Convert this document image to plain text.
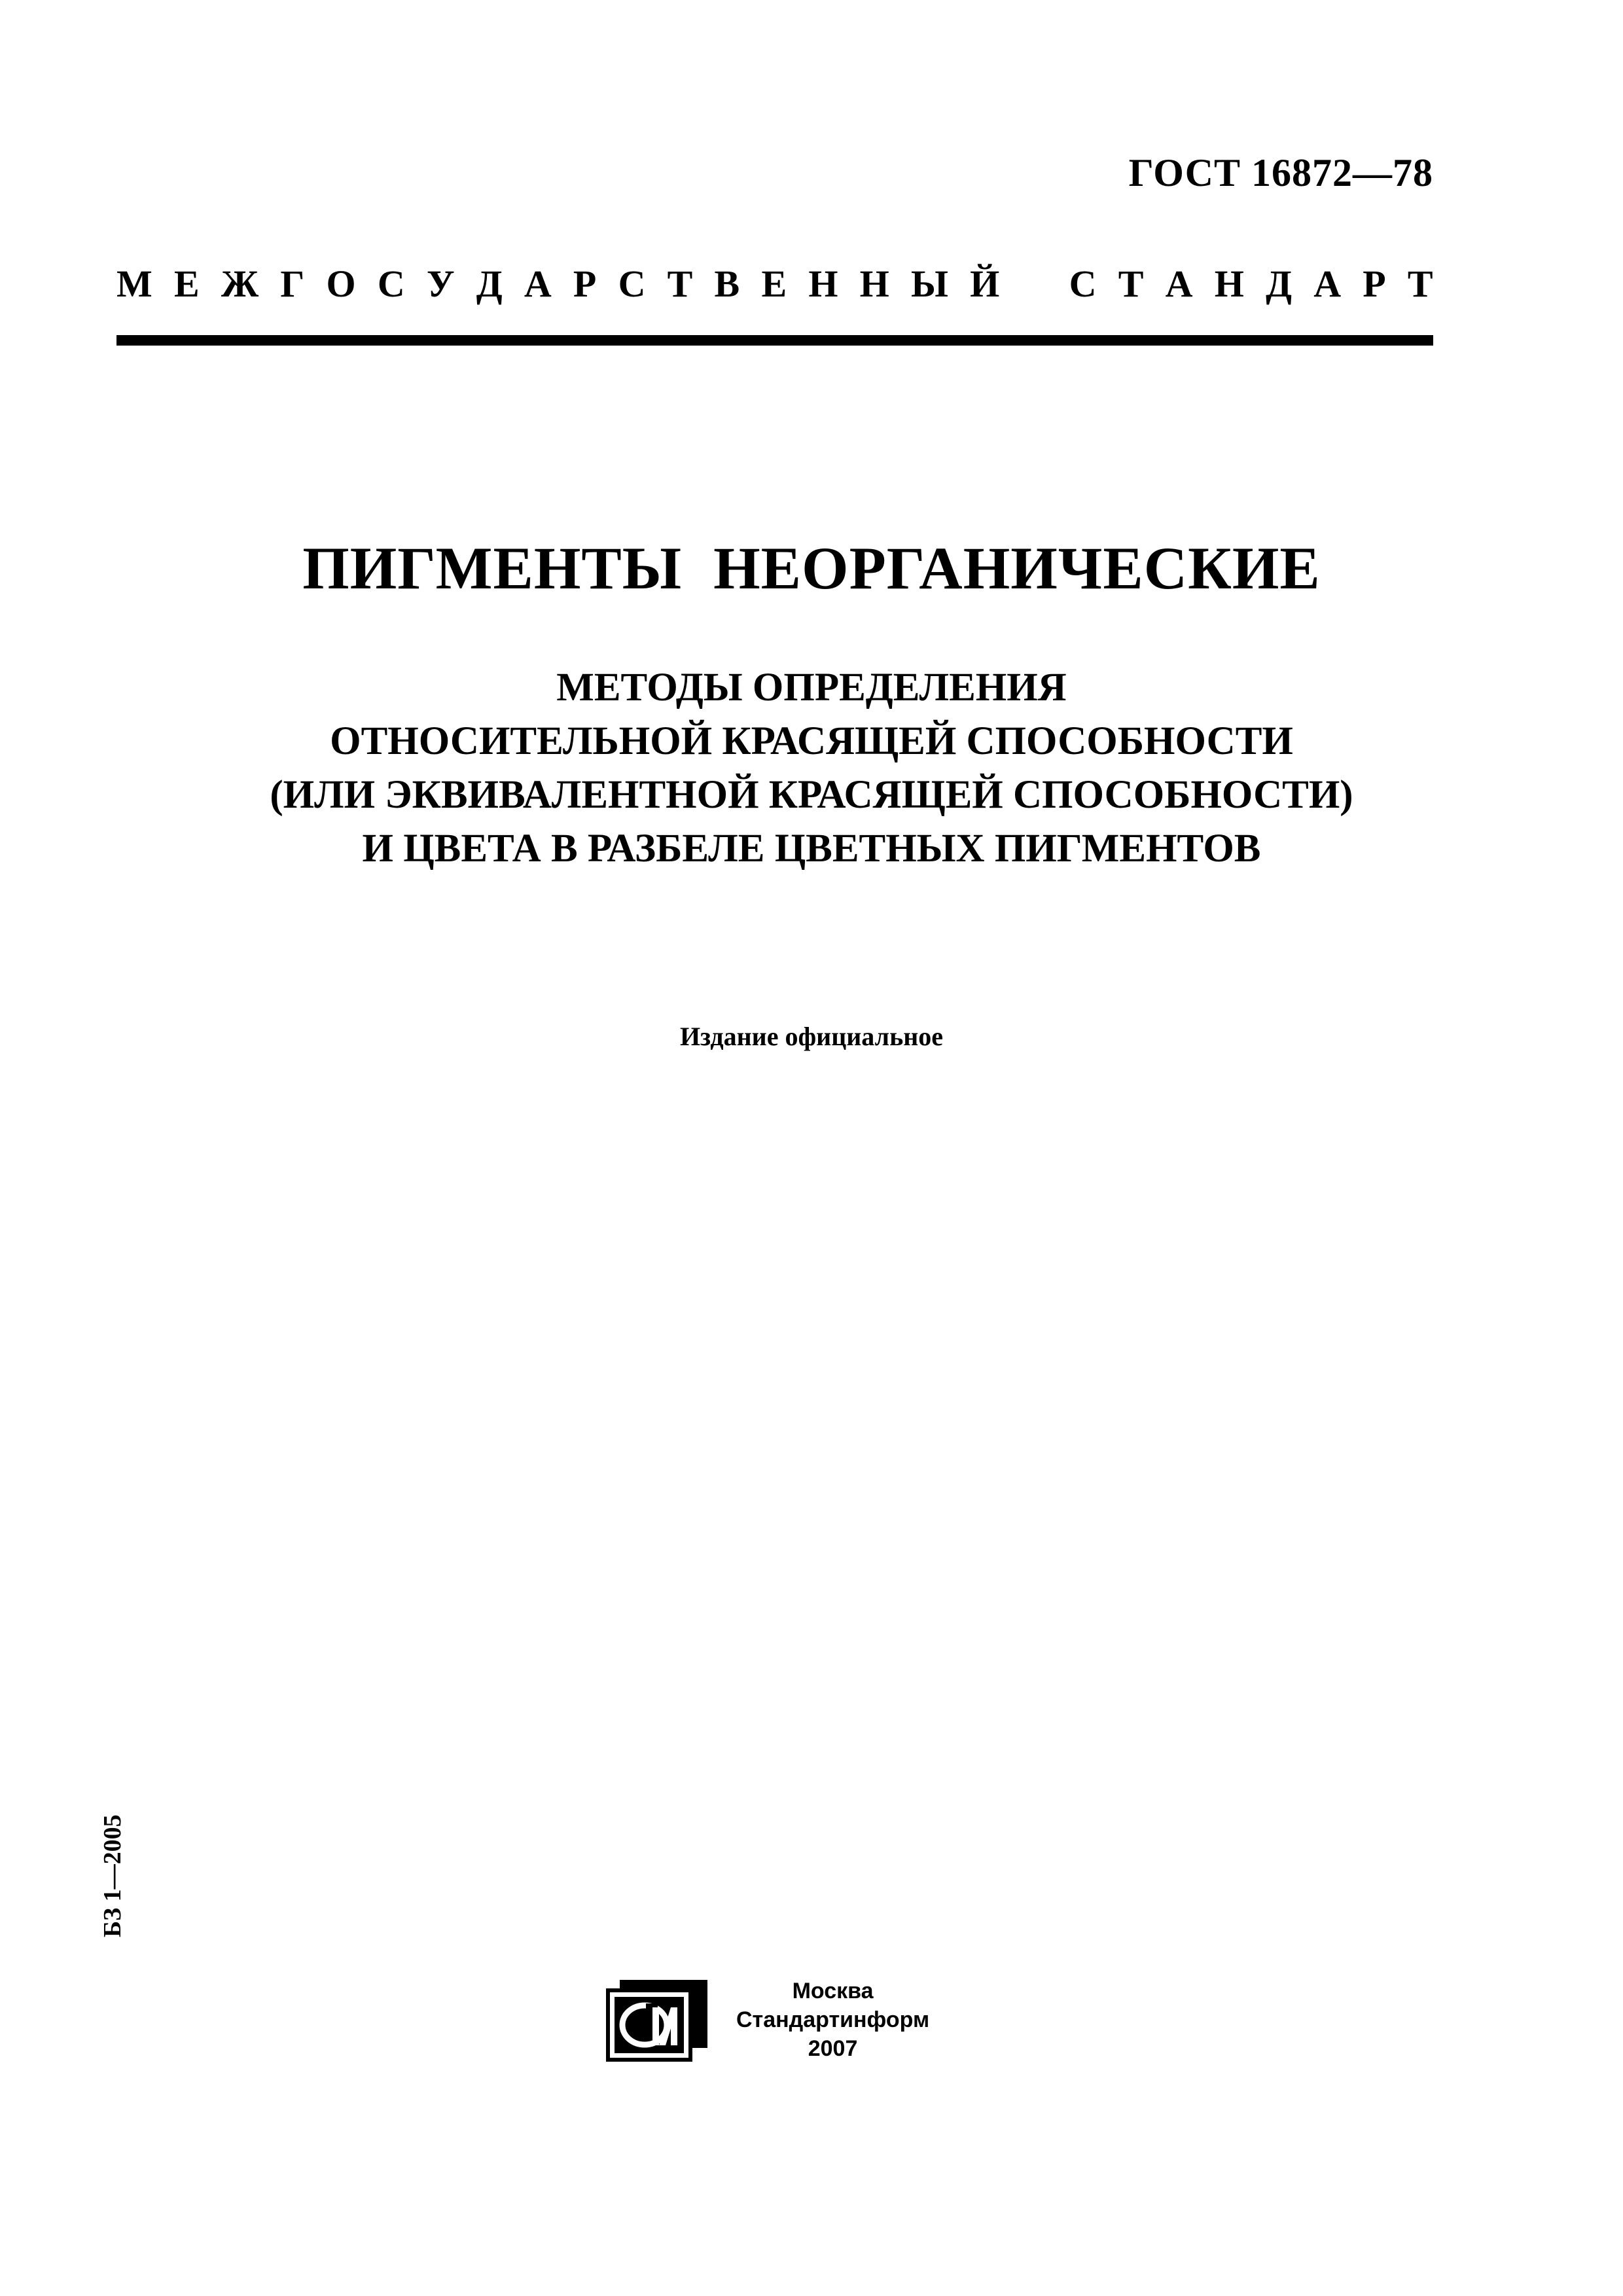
ГОСТ 16872—78
М Е Ж Г О С У Д А Р С Т В Е Н Н Ы Й С Т А Н Д А Р Т
ПИГМЕНТЫ  НЕОРГАНИЧЕСКИЕ
МЕТОДЫ ОПРЕДЕЛЕНИЯ
ОТНОСИТЕЛЬНОЙ КРАСЯЩЕЙ СПОСОБНОСТИ
(ИЛИ ЭКВИВАЛЕНТНОЙ КРАСЯЩЕЙ СПОСОБНОСТИ)
И ЦВЕТА В РАЗБЕЛЕ ЦВЕТНЫХ ПИГМЕНТОВ
Издание официальное
БЗ 1—2005
Москва
Стандартинформ
2007
